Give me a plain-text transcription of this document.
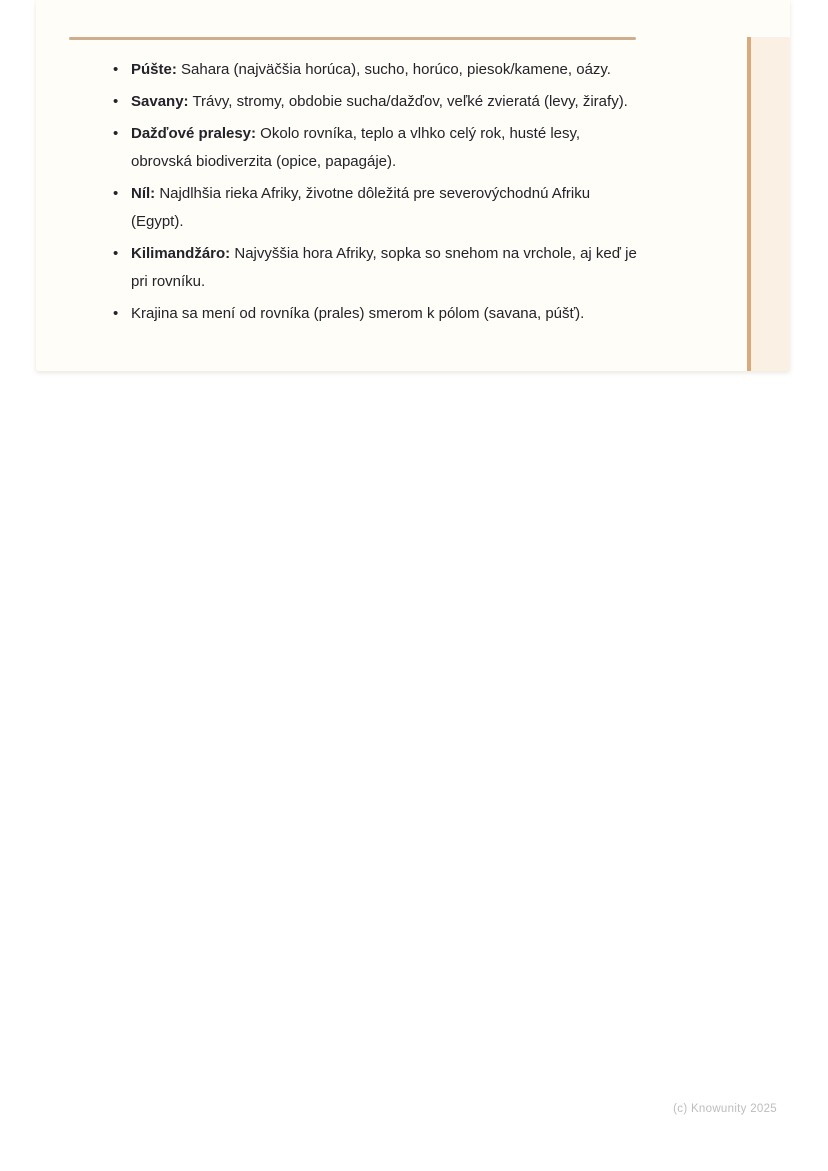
• Púšte: Sahara (najväčšia horúca), sucho, horúco, piesok/kamene, oázy.
• Savany: Trávy, stromy, obdobie sucha/dažďov, veľké zvieratá (levy, žirafy).
• Dažďové pralesy: Okolo rovníka, teplo a vlhko celý rok, husté lesy,
obrovská biodiverzita (opice, papagáje).
• Níl: Najdlhšia rieka Afriky, životne dôležitá pre severovýchodnú Afriku
(Egypt).
• Kilimandžáro: Najvyššia hora Afriky, sopka so snehom na vrchole, aj keď je
pri rovníku.
• Krajina sa mení od rovníka (prales) smerom k pólom (savana, púšť).
(c) Knowunity 2025
